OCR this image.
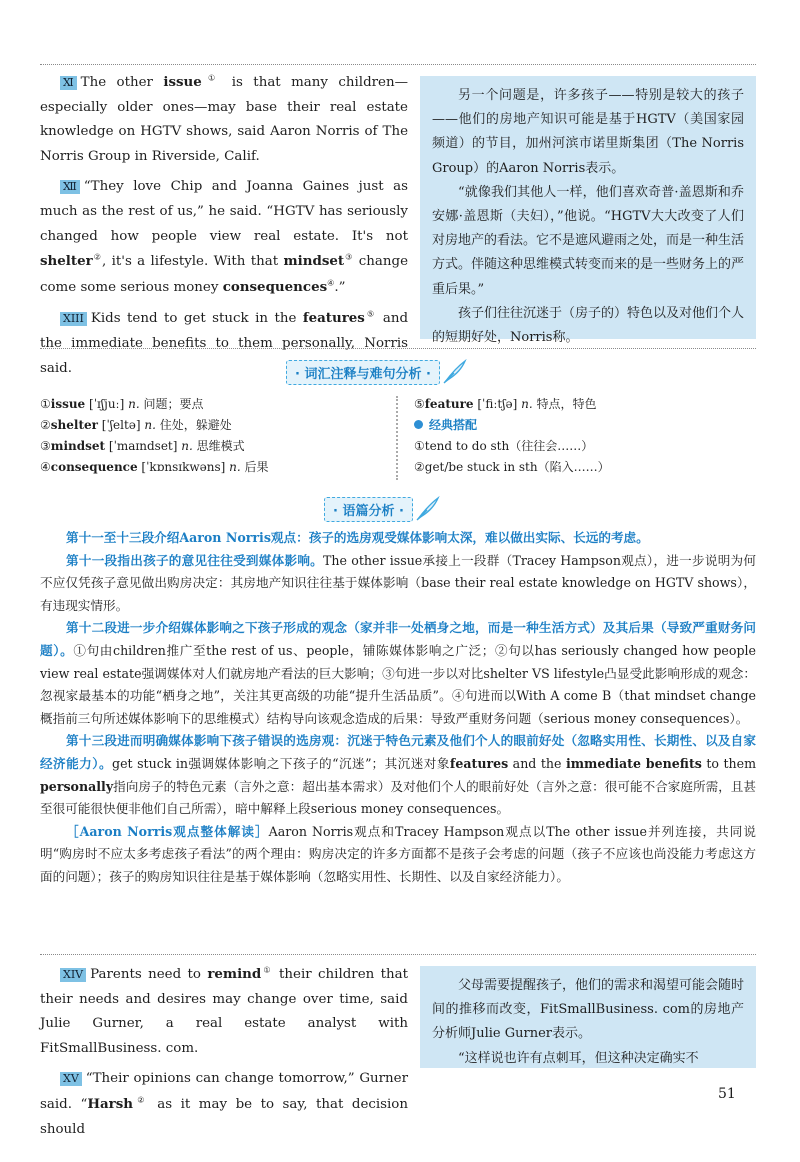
Ⅺ The other issue① is that many children—especially older ones—may base their real estate knowledge on HGTV shows, said Aaron Norris of The Norris Group in Riverside, Calif.

Ⅻ “They love Chip and Joanna Gaines just as much as the rest of us,” he said. “HGTV has seriously changed how people view real estate. It's not shelter②, it's a lifestyle. With that mindset③ change come some serious money consequences④.”

XIII Kids tend to get stuck in the features⑤ and the immediate benefits to them personally, Norris said.

另一个问题是，许多孩子——特别是较大的孩子——他们的房地产知识可能是基于HGTV（美国家园频道）的节目，加州河滨市诺里斯集团（The Norris Group）的Aaron Norris表示。

“就像我们其他人一样，他们喜欢奇普·盖恩斯和乔安娜·盖恩斯（夫妇），”他说。“HGTV大大改变了人们对房地产的看法。它不是遮风避雨之处，而是一种生活方式。伴随这种思维模式转变而来的是一些财务上的严重后果。”

孩子们往往沉迷于（房子的）特色以及对他们个人的短期好处，Norris称。

· 词汇注释与难句分析 ·
①issue [ˈɪʃjuː] n. 问题；要点
②shelter [ˈʃeltə] n. 住处，躲避处
③mindset [ˈmaɪndset] n. 思维模式
④consequence [ˈkɒnsɪkwəns] n. 后果
⑤feature [ˈfiːtʃə] n. 特点，特色
经典搭配
①tend to do sth（往往会……）
②get/be stuck in sth（陷入……）
· 语篇分析 ·

第十一至十三段介绍Aaron Norris观点：孩子的选房观受媒体影响太深，难以做出实际、长远的考虑。

第十一段指出孩子的意见往往受到媒体影响。The other issue承接上一段群（Tracey Hampson观点），进一步说明为何不应仅凭孩子意见做出购房决定：其房地产知识往往基于媒体影响（base their real estate knowledge on HGTV shows），有违现实情形。

第十二段进一步介绍媒体影响之下孩子形成的观念（家并非一处栖身之地，而是一种生活方式）及其后果（导致严重财务问题）。①句由children推广至the rest of us、people，铺陈媒体影响之广泛；②句以has seriously changed how people view real estate强调媒体对人们就房地产看法的巨大影响；③句进一步以对比shelter VS lifestyle凸显受此影响形成的观念：忽视家最基本的功能“栖身之地”，关注其更高级的功能“提升生活品质”。④句进而以With A come B（that mindset change概指前三句所述媒体影响下的思维模式）结构导向该观念造成的后果：导致严重财务问题（serious money consequences）。

第十三段进而明确媒体影响下孩子错误的选房观：沉迷于特色元素及他们个人的眼前好处（忽略实用性、长期性、以及自家经济能力）。get stuck in强调媒体影响之下孩子的“沉迷”；其沉迷对象features and the immediate benefits to them personally指向房子的特色元素（言外之意：超出基本需求）及对他们个人的眼前好处（言外之意：很可能不合家庭所需，且甚至很可能很快便非他们自己所需），暗中解释上段serious money consequences。

［Aaron Norris观点整体解读］Aaron Norris观点和Tracey Hampson观点以The other issue并列连接，共同说明“购房时不应太多考虑孩子看法”的两个理由：购房决定的许多方面都不是孩子会考虑的问题（孩子不应该也尚没能力考虑这方面的问题）；孩子的购房知识往往是基于媒体影响（忽略实用性、长期性、以及自家经济能力）。

XIV Parents need to remind① their children that their needs and desires may change over time, said Julie Gurner, a real estate analyst with FitSmallBusiness. com.

XV “Their opinions can change tomorrow,” Gurner said. “Harsh② as it may be to say, that decision should

父母需要提醒孩子，他们的需求和渴望可能会随时间的推移而改变，FitSmallBusiness. com的房地产分析师Julie Gurner表示。

“这样说也许有点刺耳，但这种决定确实不

51
